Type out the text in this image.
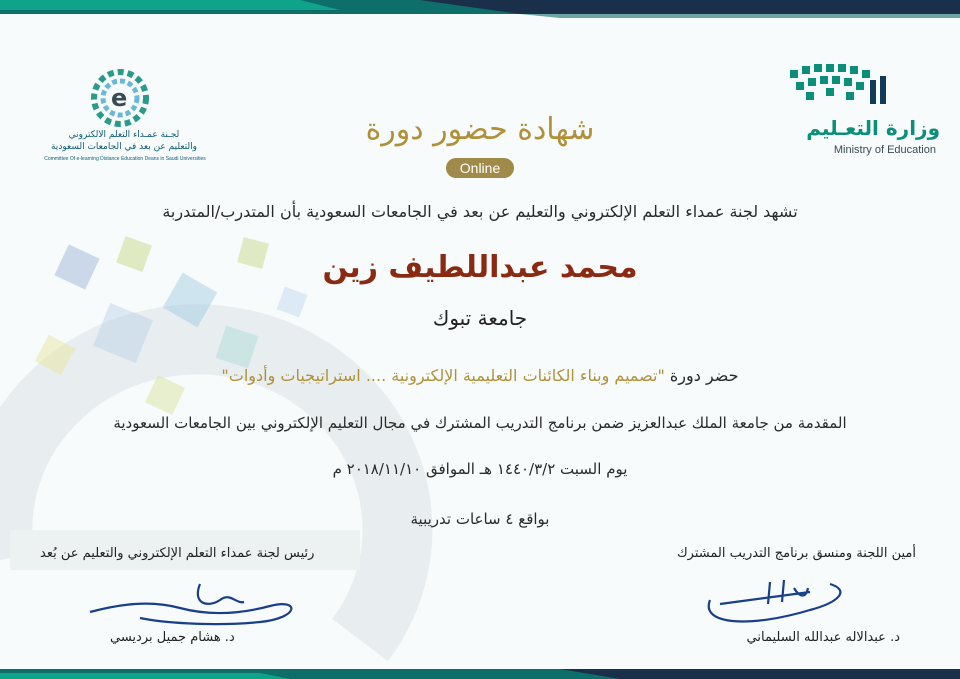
وزارة التعـليم
Ministry of Education
e
لجـنة عمـداء التعلم الالكتروني
والتعليم عن بعد في الجامعات السعودية
Committee Of e-learning Distance Education Deans in Saudi Universities
شهادة حضور دورة
Online
تشهد لجنة عمداء التعلم الإلكتروني والتعليم عن بعد في الجامعات السعودية بأن المتدرب/المتدربة
محمد عبداللطيف زين
جامعة تبوك
حضر دورة "تصميم وبناء الكائنات التعليمية الإلكترونية .... استراتيجيات وأدوات"
المقدمة من جامعة الملك عبدالعزيز ضمن برنامج التدريب المشترك في مجال التعليم الإلكتروني بين الجامعات السعودية
يوم السبت ١٤٤٠/٣/٢ هـ الموافق ٢٠١٨/١١/١٠ م
بواقع ٤ ساعات تدريبية
أمين اللجنة ومنسق برنامج التدريب المشترك
رئيس لجنة عمداء التعلم الإلكتروني والتعليم عن بُعد
د. عبدالاله عبدالله السليماني
د. هشام جميل برديسي
